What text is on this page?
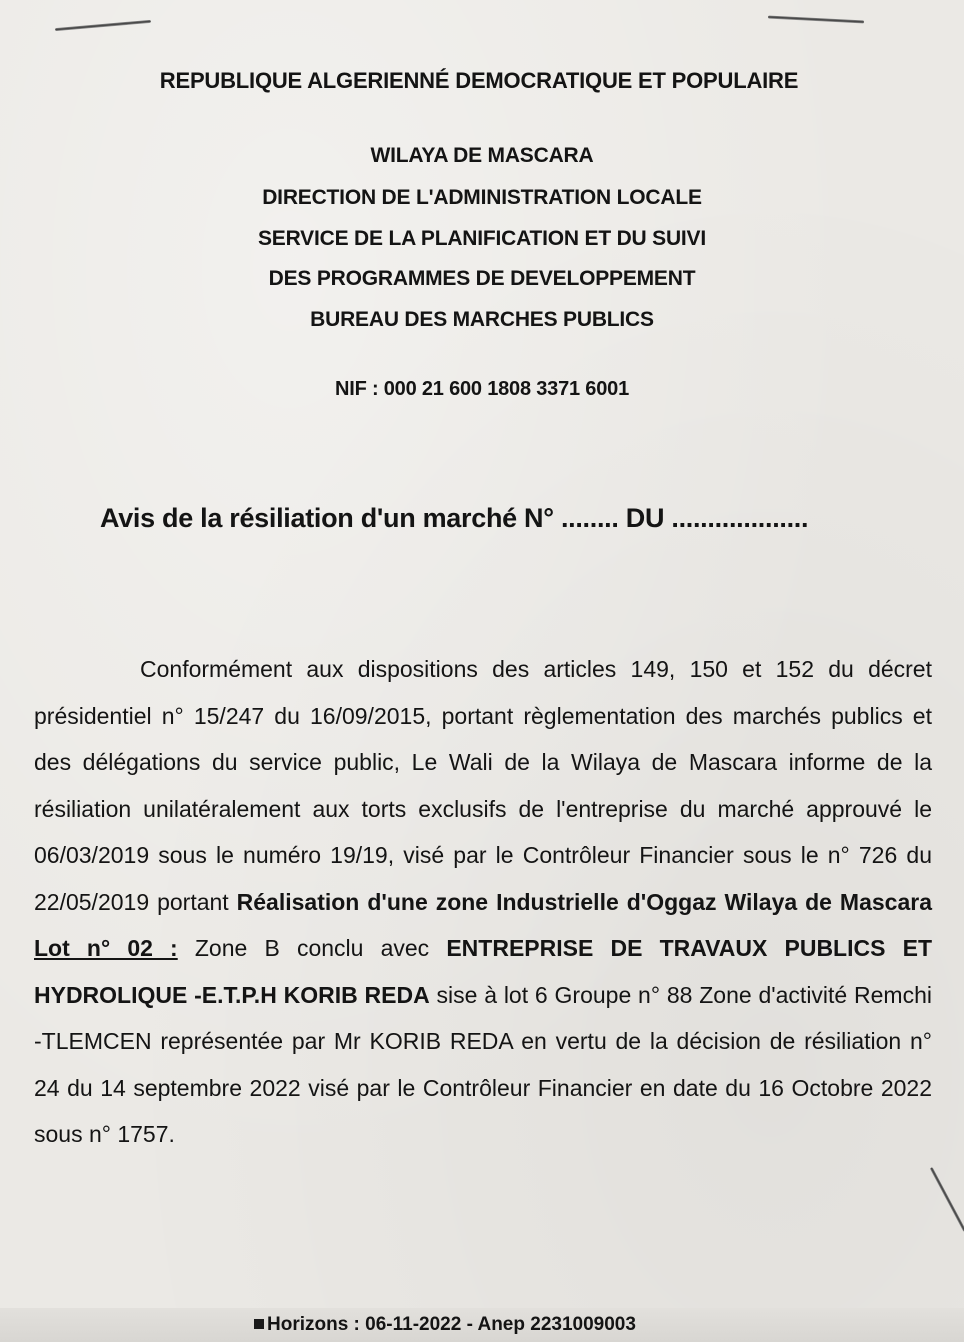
REPUBLIQUE ALGERIENNÉ DEMOCRATIQUE ET POPULAIRE
WILAYA DE MASCARA
DIRECTION DE L'ADMINISTRATION LOCALE
SERVICE DE LA PLANIFICATION ET DU SUIVI
DES PROGRAMMES DE DEVELOPPEMENT
BUREAU DES MARCHES PUBLICS
NIF : 000 21 600 1808 3371 6001
Avis de la résiliation d'un marché N° ........ DU ...................

Conformément aux dispositions des articles 149, 150 et 152 du décret présidentiel n° 15/247 du 16/09/2015, portant règlementation des marchés publics et des délégations du service public, Le Wali de la Wilaya de Mascara informe de la résiliation unilatéralement aux torts exclusifs de l'entreprise du marché approuvé le 06/03/2019 sous le numéro 19/19, visé par le Contrôleur Financier sous le n° 726 du 22/05/2019 portant Réalisation d'une zone Industrielle d'Oggaz Wilaya de Mascara Lot n° 02 : Zone B conclu avec ENTREPRISE DE TRAVAUX PUBLICS ET HYDROLIQUE -E.T.P.H KORIB REDA sise à lot 6 Groupe n° 88 Zone d'activité Remchi -TLEMCEN représentée par Mr KORIB REDA en vertu de la décision de résiliation n° 24 du 14 septembre 2022 visé par le Contrôleur Financier en date du 16 Octobre 2022 sous n° 1757.

Horizons : 06-11-2022 - Anep 2231009003
